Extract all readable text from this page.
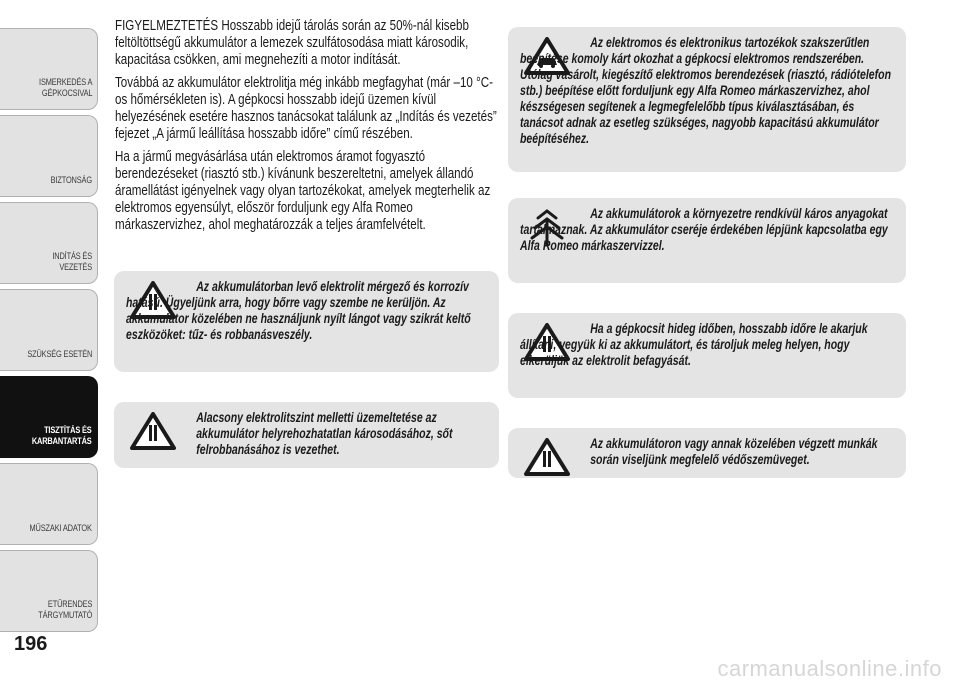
ISMERKEDÉS A
GÉPKOCSIVAL
BIZTONSÁG
INDÍTÁS ÉS VEZETÉS
SZÜKSÉG ESETÉN
TISZTÍTÁS ÉS
KARBANTARTÁS
MŰSZAKI ADATOK
ETŰRENDES
TÁRGYMUTATÓ
196

FIGYELMEZTETÉS Hosszabb idejű tárolás során az 50%-nál kisebb feltöltöttségű akkumulátor a lemezek szulfátosodása miatt károsodik, kapacitása csökken, ami megnehezíti a motor indítását.

Továbbá az akkumulátor elektrolitja még inkább megfagyhat (már –10 °C-os hőmérsékleten is). A gépkocsi hosszabb idejű üzemen kívül helyezésének esetére hasznos tanácsokat találunk az „Indítás és vezetés” fejezet „A jármű leállítása hosszabb időre” című részében.

Ha a jármű megvásárlása után elektromos áramot fogyasztó berendezéseket (riasztó stb.) kívánunk beszereltetni, amelyek állandó áramellátást igényelnek vagy olyan tartozékokat, amelyek megterhelik az elektromos egyensúlyt, először forduljunk egy Alfa Romeo márkaszervizhez, ahol meghatározzák a teljes áramfelvételt.

Az akkumulátorban levő elektrolit mérgező és korrozív hatású. Ügyeljünk arra, hogy bőrre vagy szembe ne kerüljön. Az akkumulátor közelében ne használjunk nyílt lángot vagy szikrát keltő eszközöket: tűz- és robbanásveszély.
Alacsony elektrolitszint melletti üzemeltetése az akkumulátor helyrehozhatatlan károsodásához, sőt felrobbanásához is vezethet.
Az elektromos és elektronikus tartozékok szakszerűtlen beépítése komoly kárt okozhat a gépkocsi elektromos rendszerében. Utólag vásárolt, kiegészítő elektromos berendezések (riasztó, rádiótelefon stb.) beépítése előtt forduljunk egy Alfa Romeo márkaszervizhez, ahol készségesen segítenek a legmegfelelőbb típus kiválasztásában, és tanácsot adnak az esetleg szükséges, nagyobb kapacitású akkumulátor beépítéséhez.
Az akkumulátorok a környezetre rendkívül káros anyagokat tartalmaznak. Az akkumulátor cseréje érdekében lépjünk kapcsolatba egy Alfa Romeo márkaszervizzel.
Ha a gépkocsit hideg időben, hosszabb időre le akarjuk állítani, vegyük ki az akkumulátort, és tároljuk meleg helyen, hogy elkerüljük az elektrolit befagyását.
Az akkumulátoron vagy annak közelében végzett munkák során viseljünk megfelelő védőszemüveget.
carmanualsonline.info
